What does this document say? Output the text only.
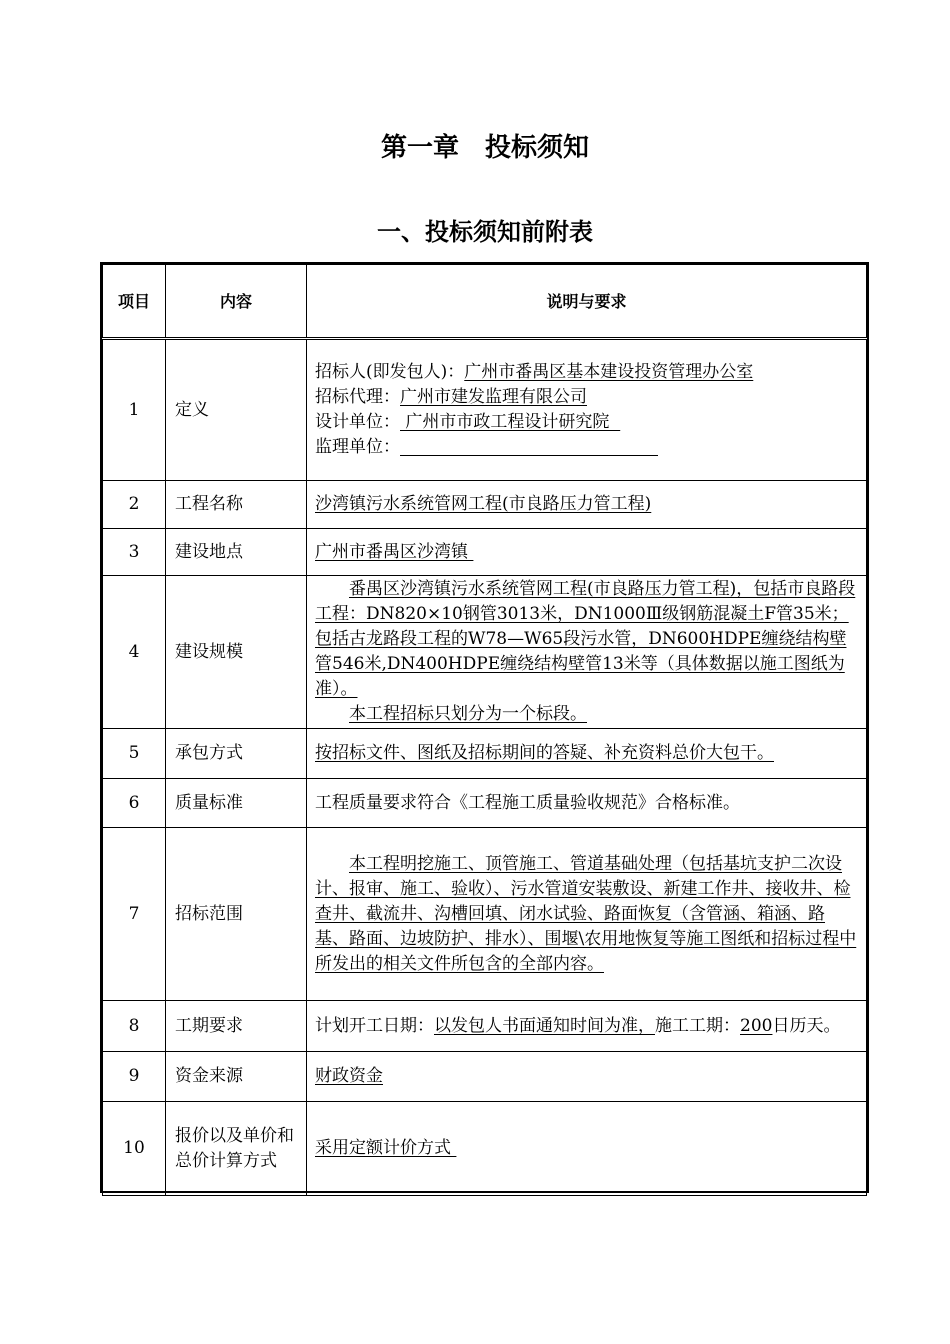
第一章　投标须知
一、投标须知前附表
项目	内容	说明与要求
1	定义	招标人(即发包人)：广州市番禺区基本建设投资管理办公室
招标代理：广州市建发监理有限公司
设计单位： 广州市市政工程设计研究院
监理单位：

2	工程名称	沙湾镇污水系统管网工程(市良路压力管工程)
3	建设地点	广州市番禺区沙湾镇
4	建设规模	番禺区沙湾镇污水系统管网工程(市良路压力管工程)，包括市良路段工程：DN820×10钢管3013米，DN1000Ⅲ级钢筋混凝土F管35米；包括古龙路段工程的W78—W65段污水管，DN600HDPE缠绕结构壁管546米,DN400HDPE缠绕结构壁管13米等（具体数据以施工图纸为准）。
本工程招标只划分为一个标段。

5	承包方式	按招标文件、图纸及招标期间的答疑、补充资料总价大包干。
6	质量标准	工程质量要求符合《工程施工质量验收规范》合格标准。
7	招标范围	本工程明挖施工、顶管施工、管道基础处理（包括基坑支护二次设计、报审、施工、验收）、污水管道安装敷设、新建工作井、接收井、检查井、截流井、沟槽回填、闭水试验、路面恢复（含管涵、箱涵、路基、路面、边坡防护、排水）、围堰\农用地恢复等施工图纸和招标过程中所发出的相关文件所包含的全部内容。

8	工期要求	计划开工日期：以发包人书面通知时间为准，施工工期：200日历天。
9	资金来源	财政资金
10	报价以及单价和总价计算方式	采用定额计价方式
